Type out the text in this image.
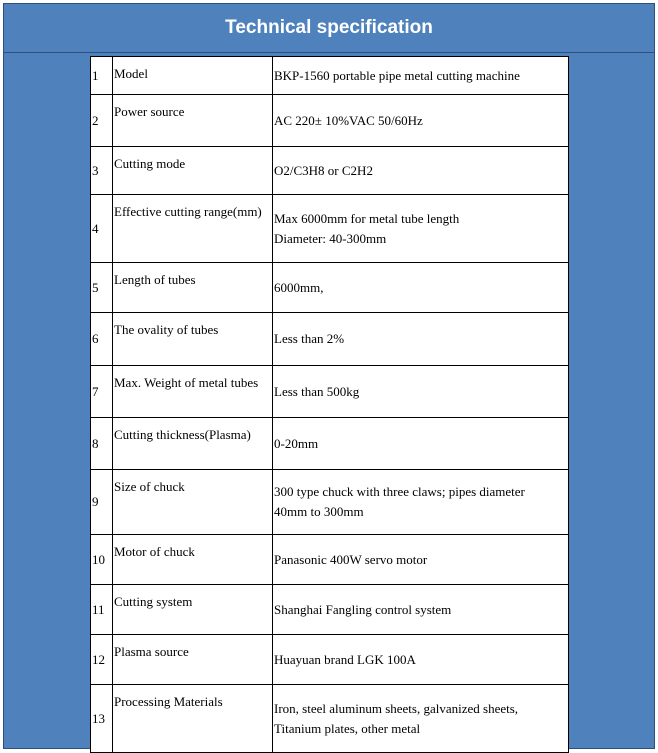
Technical specification
1	Model	BKP-1560 portable pipe metal cutting machine

2	Power source	AC 220± 10%VAC 50/60Hz

3	Cutting mode	O2/C3H8 or C2H2

4	Effective cutting range(mm)	Max 6000mm for metal tube length
Diameter: 40-300mm

5	Length of tubes	6000mm,

6	The ovality of tubes	Less than 2%

7	Max. Weight of metal tubes	Less than 500kg

8	Cutting thickness(Plasma)	0-20mm

9	Size of chuck	300 type chuck with three claws; pipes diameter
40mm to 300mm

10	Motor of chuck	Panasonic 400W servo motor

11	Cutting system	Shanghai Fangling control system

12	Plasma source	Huayuan brand LGK 100A

13	Processing Materials	Iron, steel aluminum sheets, galvanized sheets,
Titanium plates, other metal
